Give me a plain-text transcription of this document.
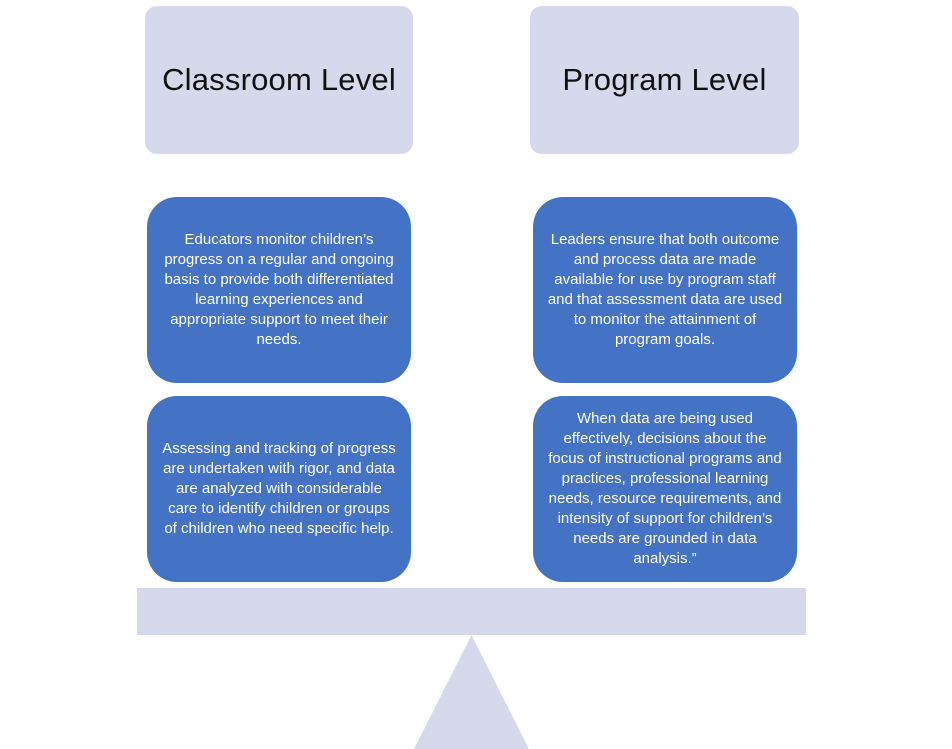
Classroom Level	Program Level
Educators monitor children’s progress on a regular and ongoing basis to provide both differentiated learning experiences and appropriate support to meet their needs.
Assessing and tracking of progress are undertaken with rigor, and data are analyzed with considerable care to identify children or groups of children who need specific help.
Leaders ensure that both outcome and process data are made available for use by program staff and that assessment data are used to monitor the attainment of program goals.
When data are being used effectively, decisions about the focus of instructional programs and practices, professional learning needs, resource requirements, and intensity of support for children’s needs are grounded in data analysis.”
